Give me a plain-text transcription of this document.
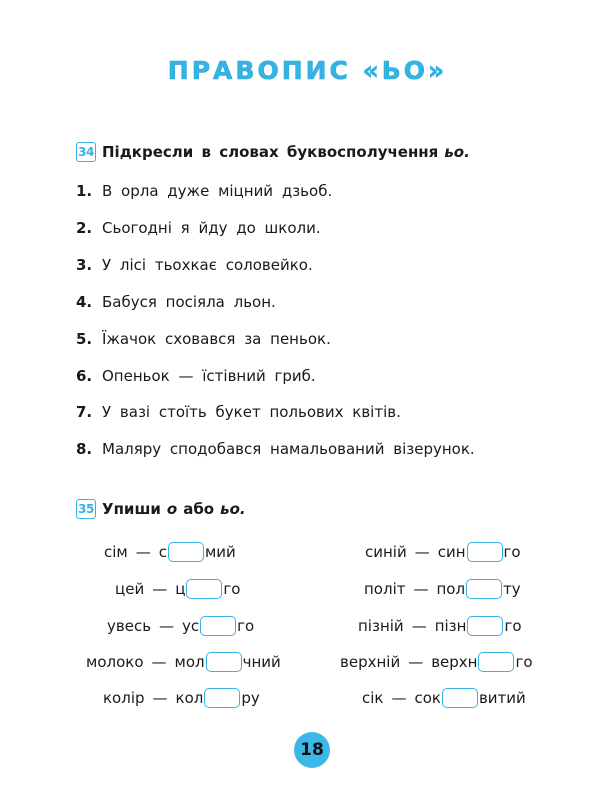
ПРАВОПИС «ЬО»
34 Підкресли в словах буквосполучення ьо.
1. В орла дуже міцний дзьоб.
2. Сьогодні я йду до школи.
3. У лісі тьохкає соловейко.
4. Бабуся посіяла льон.
5. Їжачок сховався за пеньок.
6. Опеньок — їстівний гриб.
7. У вазі стоїть букет польових квітів.
8. Маляру сподобався намальований візерунок.
35 Упиши о або ьо.
сім — с	мий
цей — ц	го
увесь — ус	го
молоко — мол	чний
колір — кол	ру
синій — син	го
політ — пол	ту
пізній — пізн	го
верхній — верхн	го
сік — сок	витий
18
